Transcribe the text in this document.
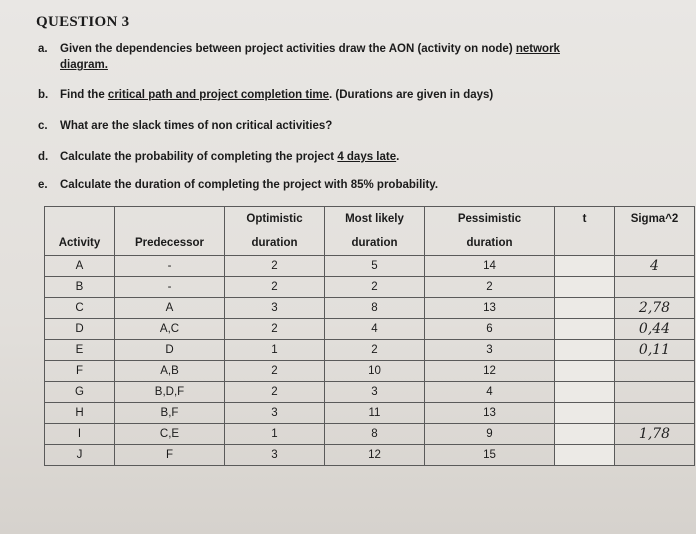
QUESTION 3
a. Given the dependencies between project activities draw the AON (activity on node) network
diagram.
b. Find the critical path and project completion time. (Durations are given in days)
c. What are the slack times of non critical activities?
d. Calculate the probability of completing the project 4 days late.
e. Calculate the duration of completing the project with 85% probability.
		Optimistic	Most likely	Pessimistic	t	Sigma^2
Activity	Predecessor	duration	duration	duration		
A	-	2	5	14		4
B	-	2	2	2		
C	A	3	8	13		2,78
D	A,C	2	4	6		0,44
E	D	1	2	3		0,11
F	A,B	2	10	12		
G	B,D,F	2	3	4		
H	B,F	3	11	13		
I	C,E	1	8	9		1,78
J	F	3	12	15		
